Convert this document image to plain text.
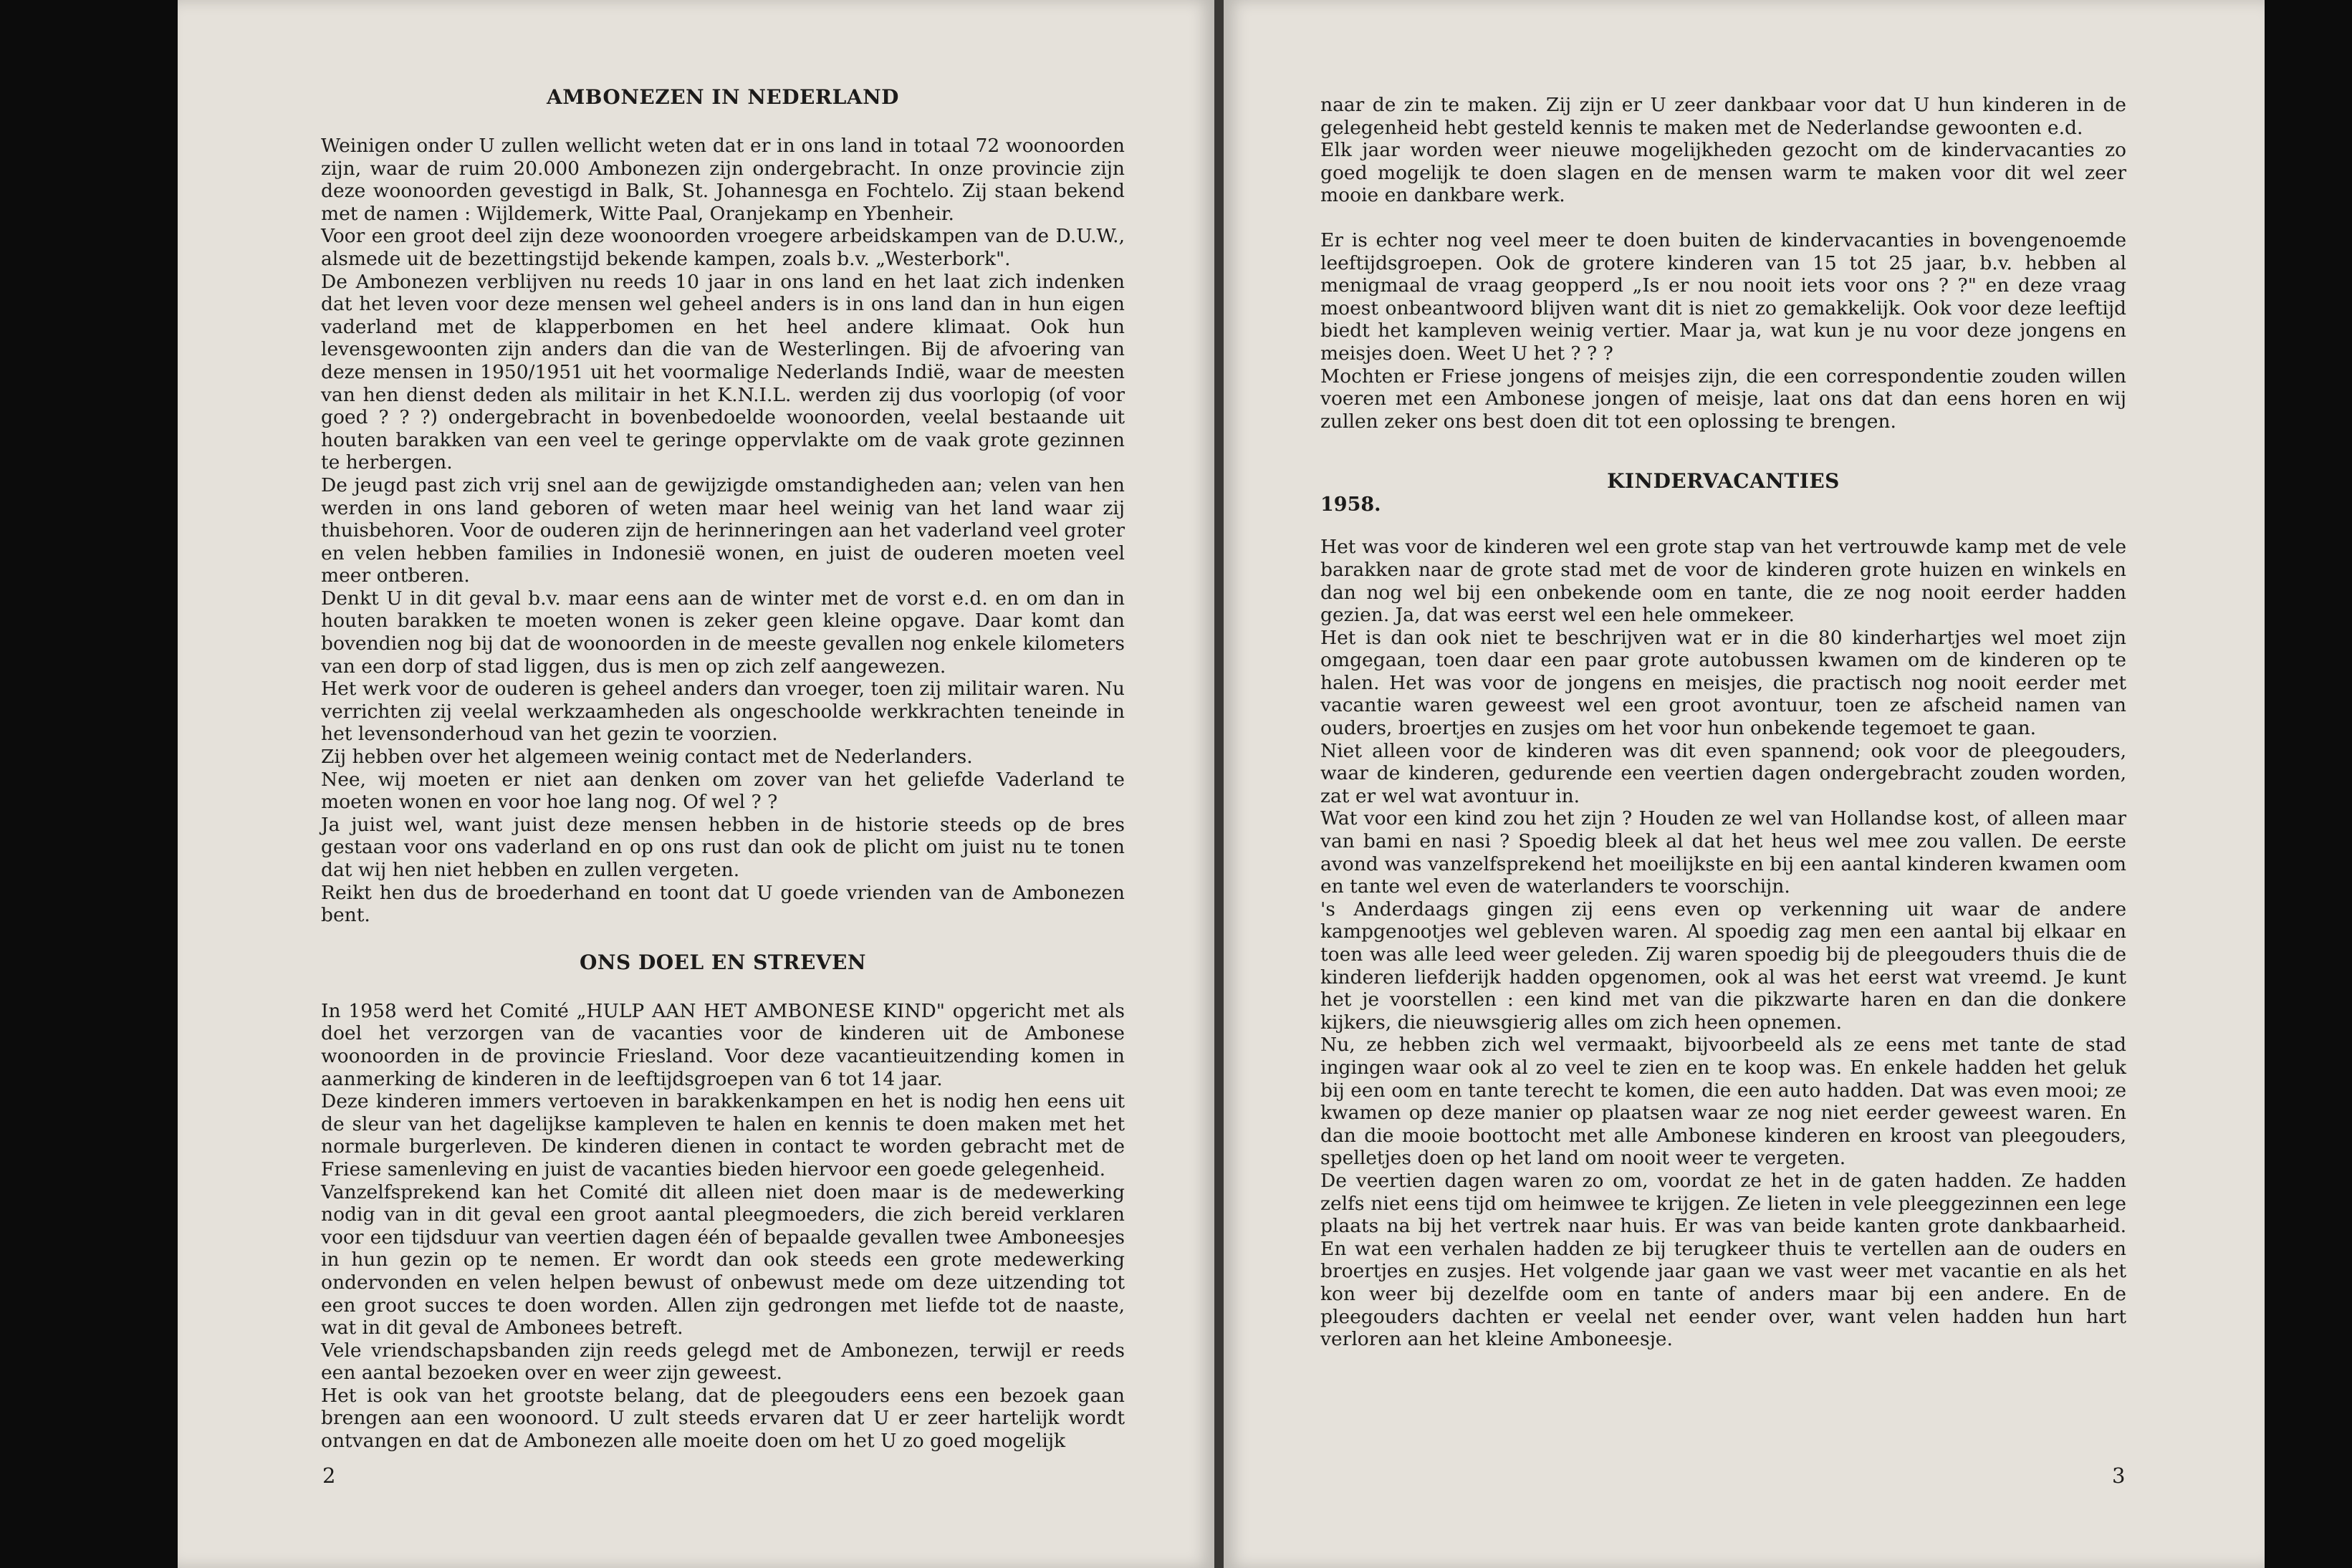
AMBONEZEN IN NEDERLAND

Weinigen onder U zullen wellicht weten dat er in ons land in totaal 72 woonoorden zijn, waar de ruim 20.000 Ambonezen zijn ondergebracht. In onze provincie zijn deze woonoorden gevestigd in Balk, St. Johannesga en Fochtelo. Zij staan bekend met de namen : Wijldemerk, Witte Paal, Oranjekamp en Ybenheir.

Voor een groot deel zijn deze woonoorden vroegere arbeidskampen van de D.U.W., alsmede uit de bezettingstijd bekende kampen, zoals b.v. „Westerbork".

De Ambonezen verblijven nu reeds 10 jaar in ons land en het laat zich indenken dat het leven voor deze mensen wel geheel anders is in ons land dan in hun eigen vaderland met de klapperbomen en het heel andere klimaat. Ook hun levensgewoonten zijn anders dan die van de Westerlingen. Bij de afvoering van deze mensen in 1950/1951 uit het voormalige Nederlands Indië, waar de meesten van hen dienst deden als militair in het K.N.I.L. werden zij dus voorlopig (of voor goed ? ? ?) ondergebracht in bovenbedoelde woonoorden, veelal bestaande uit houten barakken van een veel te geringe oppervlakte om de vaak grote gezinnen te herbergen.

De jeugd past zich vrij snel aan de gewijzigde omstandigheden aan; velen van hen werden in ons land geboren of weten maar heel weinig van het land waar zij thuisbehoren. Voor de ouderen zijn de herinneringen aan het vaderland veel groter en velen hebben families in Indonesië wonen, en juist de ouderen moeten veel meer ontberen.

Denkt U in dit geval b.v. maar eens aan de winter met de vorst e.d. en om dan in houten barakken te moeten wonen is zeker geen kleine opgave. Daar komt dan bovendien nog bij dat de woonoorden in de meeste gevallen nog enkele kilometers van een dorp of stad liggen, dus is men op zich zelf aangewezen.

Het werk voor de ouderen is geheel anders dan vroeger, toen zij militair waren. Nu verrichten zij veelal werkzaamheden als ongeschoolde werkkrachten teneinde in het levensonderhoud van het gezin te voorzien.

Zij hebben over het algemeen weinig contact met de Nederlanders.

Nee, wij moeten er niet aan denken om zover van het geliefde Vaderland te moeten wonen en voor hoe lang nog. Of wel ? ?

Ja juist wel, want juist deze mensen hebben in de historie steeds op de bres gestaan voor ons vaderland en op ons rust dan ook de plicht om juist nu te tonen dat wij hen niet hebben en zullen vergeten.

Reikt hen dus de broederhand en toont dat U goede vrienden van de Ambonezen bent.

ONS DOEL EN STREVEN

In 1958 werd het Comité „HULP AAN HET AMBONESE KIND" opgericht met als doel het verzorgen van de vacanties voor de kinderen uit de Ambonese woonoorden in de provincie Friesland. Voor deze vacantieuitzending komen in aanmerking de kinderen in de leeftijdsgroepen van 6 tot 14 jaar.

Deze kinderen immers vertoeven in barakkenkampen en het is nodig hen eens uit de sleur van het dagelijkse kampleven te halen en kennis te doen maken met het normale burgerleven. De kinderen dienen in contact te worden gebracht met de Friese samenleving en juist de vacanties bieden hiervoor een goede gelegenheid.

Vanzelfsprekend kan het Comité dit alleen niet doen maar is de medewerking nodig van in dit geval een groot aantal pleegmoeders, die zich bereid verklaren voor een tijdsduur van veertien dagen één of bepaalde gevallen twee Amboneesjes in hun gezin op te nemen. Er wordt dan ook steeds een grote medewerking ondervonden en velen helpen bewust of onbewust mede om deze uitzending tot een groot succes te doen worden. Allen zijn gedrongen met liefde tot de naaste, wat in dit geval de Ambonees betreft.

Vele vriendschapsbanden zijn reeds gelegd met de Ambonezen, terwijl er reeds een aantal bezoeken over en weer zijn geweest.

Het is ook van het grootste belang, dat de pleegouders eens een bezoek gaan brengen aan een woonoord. U zult steeds ervaren dat U er zeer hartelijk wordt ontvangen en dat de Ambonezen alle moeite doen om het U zo goed mogelijk

2

naar de zin te maken. Zij zijn er U zeer dankbaar voor dat U hun kinderen in de gelegenheid hebt gesteld kennis te maken met de Nederlandse gewoonten e.d.

Elk jaar worden weer nieuwe mogelijkheden gezocht om de kindervacanties zo goed mogelijk te doen slagen en de mensen warm te maken voor dit wel zeer mooie en dankbare werk.

Er is echter nog veel meer te doen buiten de kindervacanties in bovengenoemde leeftijdsgroepen. Ook de grotere kinderen van 15 tot 25 jaar, b.v. hebben al menigmaal de vraag geopperd „Is er nou nooit iets voor ons ? ?" en deze vraag moest onbeantwoord blijven want dit is niet zo gemakkelijk. Ook voor deze leeftijd biedt het kampleven weinig vertier. Maar ja, wat kun je nu voor deze jongens en meisjes doen. Weet U het ? ? ?

Mochten er Friese jongens of meisjes zijn, die een correspondentie zouden willen voeren met een Ambonese jongen of meisje, laat ons dat dan eens horen en wij zullen zeker ons best doen dit tot een oplossing te brengen.

KINDERVACANTIES
1958.

Het was voor de kinderen wel een grote stap van het vertrouwde kamp met de vele barakken naar de grote stad met de voor de kinderen grote huizen en winkels en dan nog wel bij een onbekende oom en tante, die ze nog nooit eerder hadden gezien. Ja, dat was eerst wel een hele ommekeer.

Het is dan ook niet te beschrijven wat er in die 80 kinderhartjes wel moet zijn omgegaan, toen daar een paar grote autobussen kwamen om de kinderen op te halen. Het was voor de jongens en meisjes, die practisch nog nooit eerder met vacantie waren geweest wel een groot avontuur, toen ze afscheid namen van ouders, broertjes en zusjes om het voor hun onbekende tegemoet te gaan.

Niet alleen voor de kinderen was dit even spannend; ook voor de pleegouders, waar de kinderen, gedurende een veertien dagen ondergebracht zouden worden, zat er wel wat avontuur in.

Wat voor een kind zou het zijn ? Houden ze wel van Hollandse kost, of alleen maar van bami en nasi ? Spoedig bleek al dat het heus wel mee zou vallen. De eerste avond was vanzelfsprekend het moeilijkste en bij een aantal kinderen kwamen oom en tante wel even de waterlanders te voorschijn.

's Anderdaags gingen zij eens even op verkenning uit waar de andere kampgenootjes wel gebleven waren. Al spoedig zag men een aantal bij elkaar en toen was alle leed weer geleden. Zij waren spoedig bij de pleegouders thuis die de kinderen liefderijk hadden opgenomen, ook al was het eerst wat vreemd. Je kunt het je voorstellen : een kind met van die pikzwarte haren en dan die donkere kijkers, die nieuwsgierig alles om zich heen opnemen.

Nu, ze hebben zich wel vermaakt, bijvoorbeeld als ze eens met tante de stad ingingen waar ook al zo veel te zien en te koop was. En enkele hadden het geluk bij een oom en tante terecht te komen, die een auto hadden. Dat was even mooi; ze kwamen op deze manier op plaatsen waar ze nog niet eerder geweest waren. En dan die mooie boottocht met alle Ambonese kinderen en kroost van pleegouders, spelletjes doen op het land om nooit weer te vergeten.

De veertien dagen waren zo om, voordat ze het in de gaten hadden. Ze hadden zelfs niet eens tijd om heimwee te krijgen. Ze lieten in vele pleeggezinnen een lege plaats na bij het vertrek naar huis. Er was van beide kanten grote dankbaarheid. En wat een verhalen hadden ze bij terugkeer thuis te vertellen aan de ouders en broertjes en zusjes. Het volgende jaar gaan we vast weer met vacantie en als het kon weer bij dezelfde oom en tante of anders maar bij een andere. En de pleegouders dachten er veelal net eender over, want velen hadden hun hart verloren aan het kleine Amboneesje.

3
